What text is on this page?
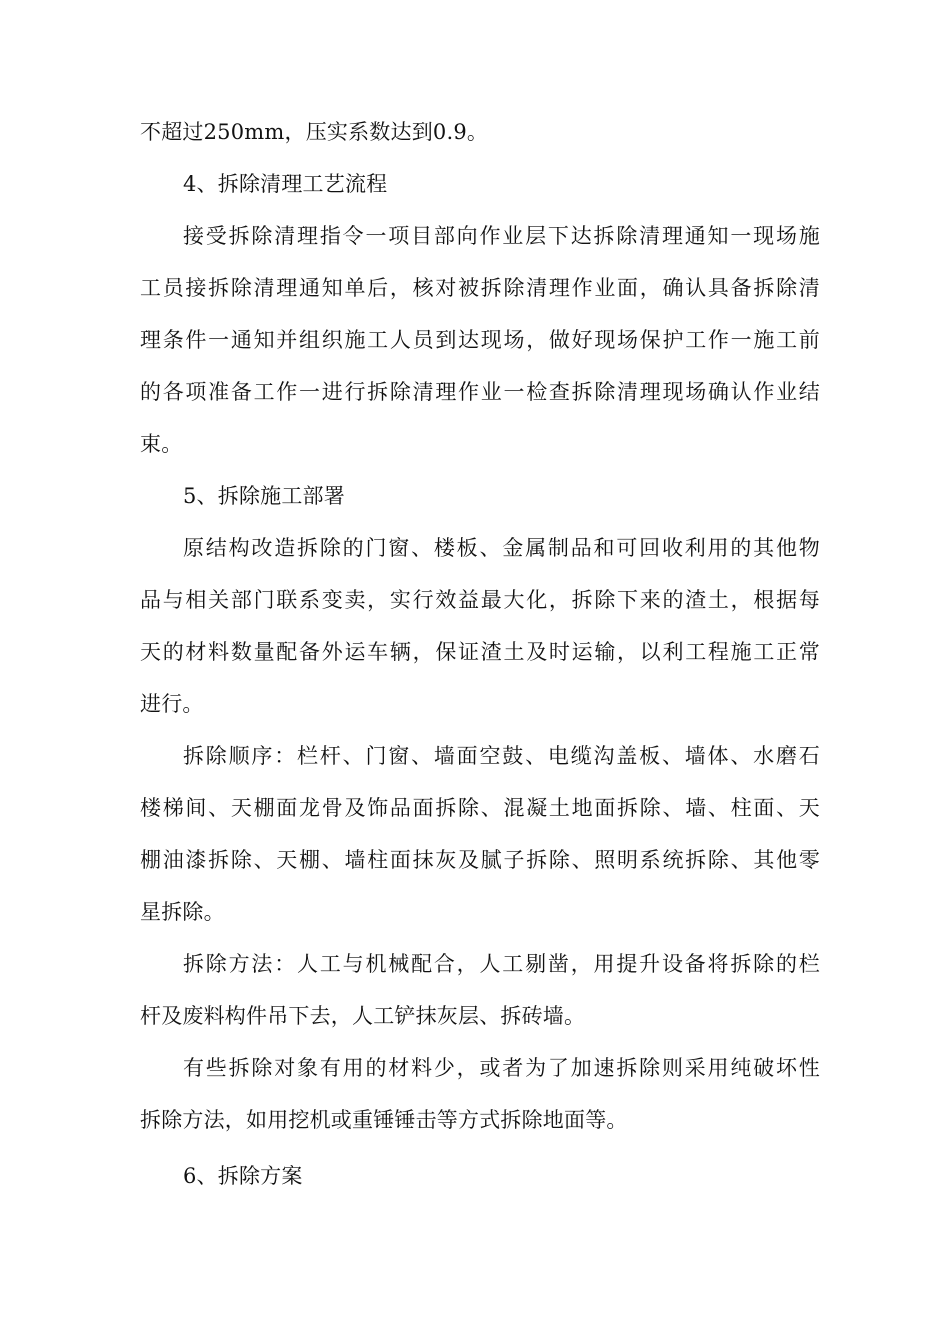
不超过250mm，压实系数达到0.9。
4、拆除清理工艺流程
接受拆除清理指令一项目部向作业层下达拆除清理通知一现场施
工员接拆除清理通知单后，核对被拆除清理作业面，确认具备拆除清
理条件一通知并组织施工人员到达现场，做好现场保护工作一施工前
的各项准备工作一进行拆除清理作业一检查拆除清理现场确认作业结
束。
5、拆除施工部署
原结构改造拆除的门窗、楼板、金属制品和可回收利用的其他物
品与相关部门联系变卖，实行效益最大化，拆除下来的渣土，根据每
天的材料数量配备外运车辆，保证渣土及时运输，以利工程施工正常
进行。
拆除顺序：栏杆、门窗、墙面空鼓、电缆沟盖板、墙体、水磨石
楼梯间、天棚面龙骨及饰品面拆除、混凝土地面拆除、墙、柱面、天
棚油漆拆除、天棚、墙柱面抹灰及腻子拆除、照明系统拆除、其他零
星拆除。
拆除方法：人工与机械配合，人工剔凿，用提升设备将拆除的栏
杆及废料构件吊下去，人工铲抹灰层、拆砖墙。
有些拆除对象有用的材料少，或者为了加速拆除则采用纯破坏性
拆除方法，如用挖机或重锤锤击等方式拆除地面等。
6、拆除方案
